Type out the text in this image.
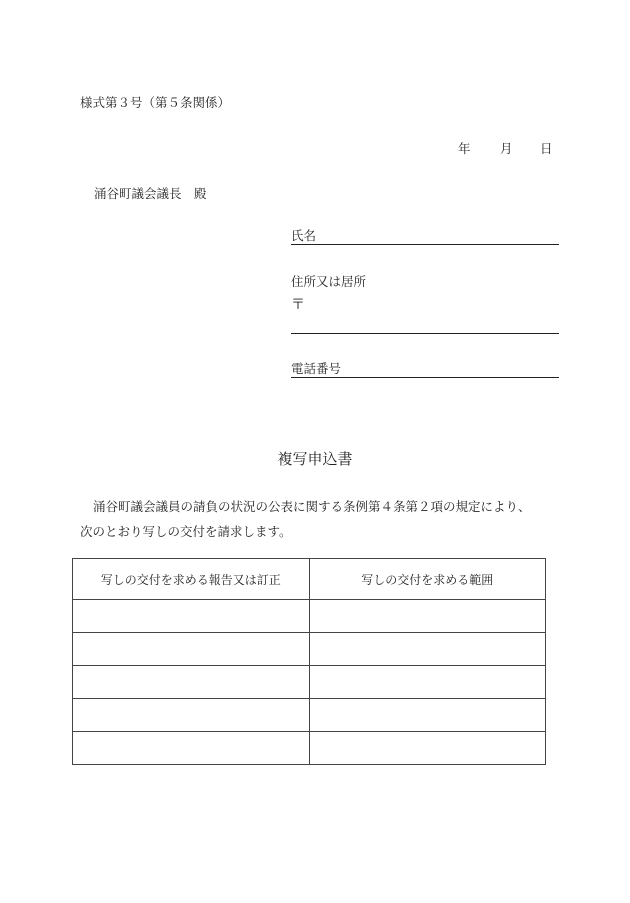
様式第３号（第５条関係）
年 月 日
涌谷町議会議長　殿
氏名
住所又は居所
〒
電話番号
複写申込書
涌谷町議会議員の請負の状況の公表に関する条例第４条第２項の規定により、
次のとおり写しの交付を請求します。
写しの交付を求める報告又は訂正	写しの交付を求める範囲
